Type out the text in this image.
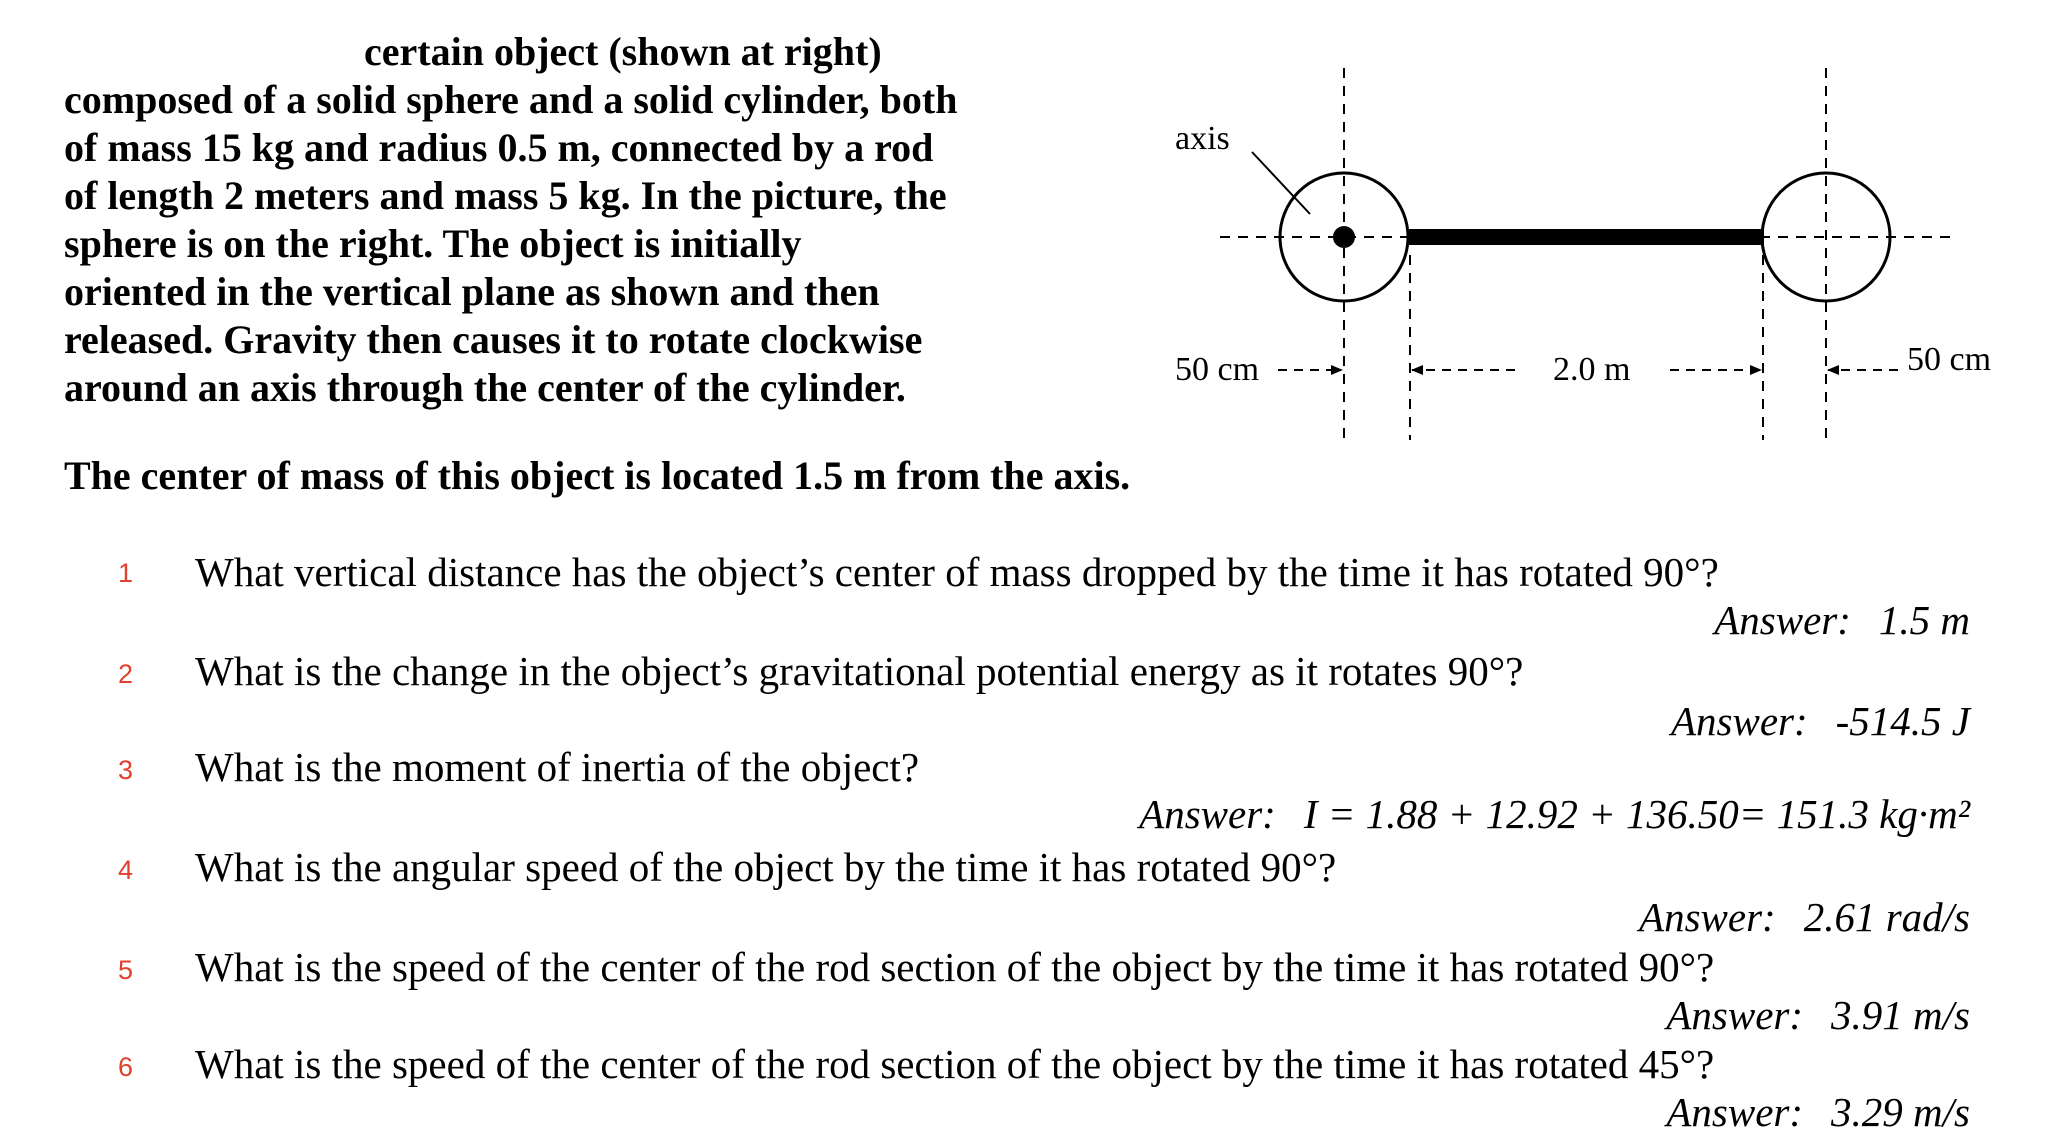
certain object (shown at right)
composed of a solid sphere and a solid cylinder, both
of mass 15 kg and radius 0.5 m, connected by a rod
of length 2 meters and mass 5 kg. In the picture, the
sphere is on the right. The object is initially
oriented in the vertical plane as shown and then
released. Gravity then causes it to rotate clockwise
around an axis through the center of the cylinder.
axis
50 cm	2.0 m	50 cm
The center of mass of this object is located 1.5 m from the axis.
1 What vertical distance has the object’s center of mass dropped by the time it has rotated 90°?
Answer: 1.5 m
2 What is the change in the object’s gravitational potential energy as it rotates 90°?
Answer: -514.5 J
3 What is the moment of inertia of the object?
Answer: I = 1.88 + 12.92 + 136.50= 151.3 kg·m²
4 What is the angular speed of the object by the time it has rotated 90°?
Answer: 2.61 rad/s
5 What is the speed of the center of the rod section of the object by the time it has rotated 90°?
Answer: 3.91 m/s
6 What is the speed of the center of the rod section of the object by the time it has rotated 45°?
Answer: 3.29 m/s
